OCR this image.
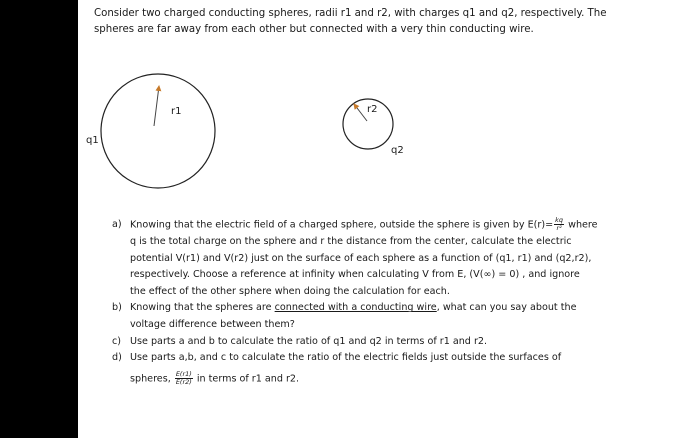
Consider two charged conducting spheres, radii r1 and r2, with charges q1 and q2, respectively. The
spheres are far away from each other but connected with a very thin conducting wire.
r1
q1
r2
q2
a) Knowing that the electric field of a charged sphere, outside the sphere is given by $E(r)= \frac{kq}{\text{r²}}$ where
q is the total charge on the sphere and r the distance from the center, calculate the electric
potential V(r1) and V(r2) just on the surface of each sphere as a function of (q1, r1) and (q2,r2),
respectively. Choose a reference at infinity when calculating V from E, (V(∞) = 0) , and ignore
the effect of the other sphere when doing the calculation for each.
b) Knowing that the spheres are connected with a conducting wire, what can you say about the
voltage difference between them?
c) Use parts a and b to calculate the ratio of q1 and q2 in terms of r1 and r2.
d) Use parts a,b, and c to calculate the ratio of the electric fields just outside the surfaces of
spheres, $\frac{E(r1)}{E(r2)}$ in terms of r1 and r2.
